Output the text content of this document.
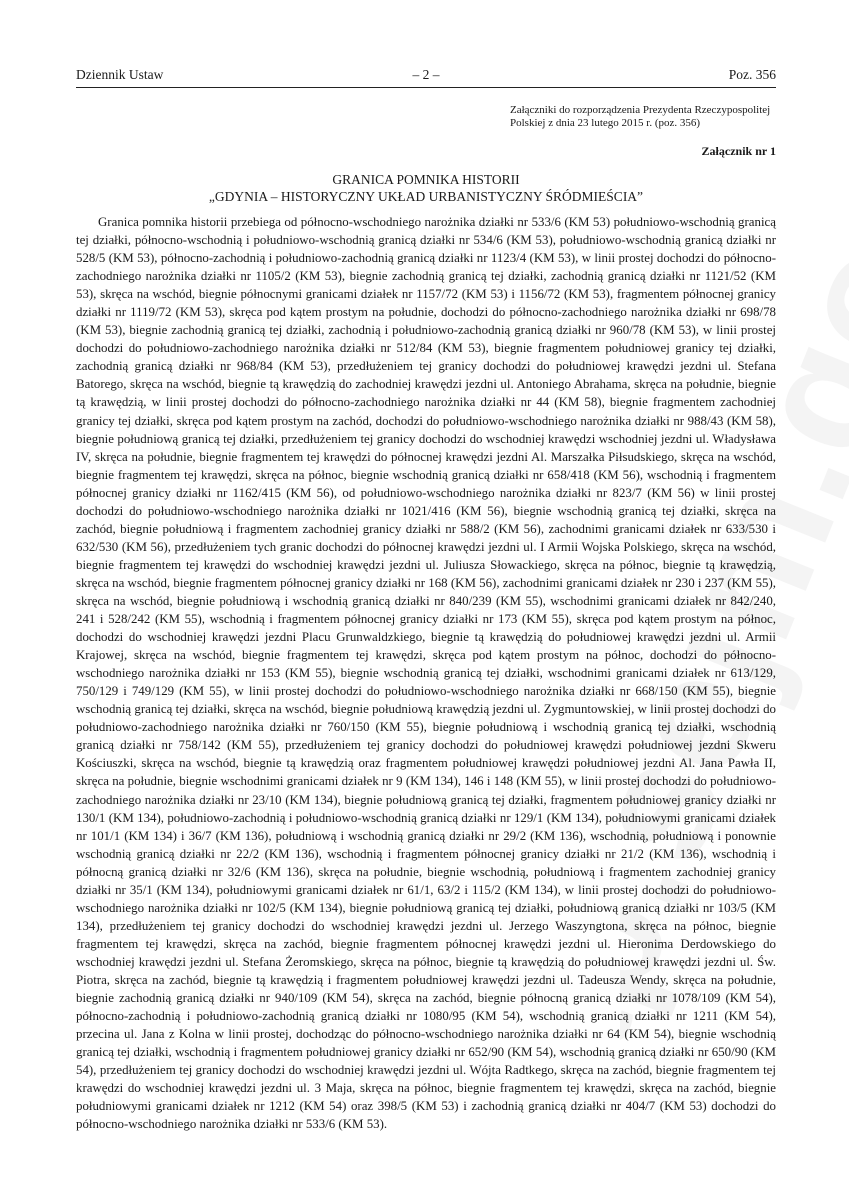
Dziennik Ustaw	– 2 –	Poz. 356
Załączniki do rozporządzenia Prezydenta Rzeczypospolitej Polskiej z dnia 23 lutego 2015 r. (poz. 356)
Załącznik nr 1
GRANICA POMNIKA HISTORII
„GDYNIA – HISTORYCZNY UKŁAD URBANISTYCZNY ŚRÓDMIEŚCIA”

Granica pomnika historii przebiega od północno-wschodniego narożnika działki nr 533/6 (KM 53) południowo-wschodnią granicą tej działki, północno-wschodnią i południowo-wschodnią granicą działki nr 534/6 (KM 53), południowo-wschodnią granicą działki nr 528/5 (KM 53), północno-zachodnią i południowo-zachodnią granicą działki nr 1123/4 (KM 53), w linii prostej dochodzi do północno-zachodniego narożnika działki nr 1105/2 (KM 53), biegnie zachodnią granicą tej działki, zachodnią granicą działki nr 1121/52 (KM 53), skręca na wschód, biegnie północnymi granicami działek nr 1157/72 (KM 53) i 1156/72 (KM 53), fragmentem północnej granicy działki nr 1119/72 (KM 53), skręca pod kątem prostym na południe, dochodzi do północno-zachodniego narożnika działki nr 698/78 (KM 53), biegnie zachodnią granicą tej działki, zachodnią i południowo-zachodnią granicą działki nr 960/78 (KM 53), w linii prostej dochodzi do południowo-zachodniego narożnika działki nr 512/84 (KM 53), biegnie fragmentem południowej granicy tej działki, zachodnią granicą działki nr 968/84 (KM 53), przedłużeniem tej granicy dochodzi do południowej krawędzi jezdni ul. Stefana Batorego, skręca na wschód, biegnie tą krawędzią do zachodniej krawędzi jezdni ul. Antoniego Abrahama, skręca na południe, biegnie tą krawędzią, w linii prostej dochodzi do północno-zachodniego narożnika działki nr 44 (KM 58), biegnie fragmentem zachodniej granicy tej działki, skręca pod kątem prostym na zachód, dochodzi do południowo-wschodniego narożnika działki nr 988/43 (KM 58), biegnie południową granicą tej działki, przedłużeniem tej granicy dochodzi do wschodniej krawędzi wschodniej jezdni ul. Władysława IV, skręca na południe, biegnie fragmentem tej krawędzi do północnej krawędzi jezdni Al. Marszałka Piłsudskiego, skręca na wschód, biegnie fragmentem tej krawędzi, skręca na północ, biegnie wschodnią granicą działki nr 658/418 (KM 56), wschodnią i fragmentem północnej granicy działki nr 1162/415 (KM 56), od południowo-wschodniego narożnika działki nr 823/7 (KM 56) w linii prostej dochodzi do południowo-wschodniego narożnika działki nr 1021/416 (KM 56), biegnie wschodnią granicą tej działki, skręca na zachód, biegnie południową i fragmentem zachodniej granicy działki nr 588/2 (KM 56), zachodnimi granicami działek nr 633/530 i 632/530 (KM 56), przedłużeniem tych granic dochodzi do północnej krawędzi jezdni ul. I Armii Wojska Polskiego, skręca na wschód, biegnie fragmentem tej krawędzi do wschodniej krawędzi jezdni ul. Juliusza Słowackiego, skręca na północ, biegnie tą krawędzią, skręca na wschód, biegnie fragmentem północnej granicy działki nr 168 (KM 56), zachodnimi granicami działek nr 230 i 237 (KM 55), skręca na wschód, biegnie południową i wschodnią granicą działki nr 840/239 (KM 55), wschodnimi granicami działek nr 842/240, 241 i 528/242 (KM 55), wschodnią i fragmentem północnej granicy działki nr 173 (KM 55), skręca pod kątem prostym na północ, dochodzi do wschodniej krawędzi jezdni Placu Grunwaldzkiego, biegnie tą krawędzią do południowej krawędzi jezdni ul. Armii Krajowej, skręca na wschód, biegnie fragmentem tej krawędzi, skręca pod kątem prostym na północ, dochodzi do północno-wschodniego narożnika działki nr 153 (KM 55), biegnie wschodnią granicą tej działki, wschodnimi granicami działek nr 613/129, 750/129 i 749/129 (KM 55), w linii prostej dochodzi do południowo-wschodniego narożnika działki nr 668/150 (KM 55), biegnie wschodnią granicą tej działki, skręca na wschód, biegnie południową krawędzią jezdni ul. Zygmuntowskiej, w linii prostej dochodzi do południowo-zachodniego narożnika działki nr 760/150 (KM 55), biegnie południową i wschodnią granicą tej działki, wschodnią granicą działki nr 758/142 (KM 55), przedłużeniem tej granicy dochodzi do południowej krawędzi południowej jezdni Skweru Kościuszki, skręca na wschód, biegnie tą krawędzią oraz fragmentem południowej krawędzi południowej jezdni Al. Jana Pawła II, skręca na południe, biegnie wschodnimi granicami działek nr 9 (KM 134), 146 i 148 (KM 55), w linii prostej dochodzi do południowo-zachodniego narożnika działki nr 23/10 (KM 134), biegnie południową granicą tej działki, fragmentem południowej granicy działki nr 130/1 (KM 134), południowo-zachodnią i południowo-wschodnią granicą działki nr 129/1 (KM 134), południowymi granicami działek nr 101/1 (KM 134) i 36/7 (KM 136), południową i wschodnią granicą działki nr 29/2 (KM 136), wschodnią, południową i ponownie wschodnią granicą działki nr 22/2 (KM 136), wschodnią i fragmentem północnej granicy działki nr 21/2 (KM 136), wschodnią i północną granicą działki nr 32/6 (KM 136), skręca na południe, biegnie wschodnią, południową i fragmentem zachodniej granicy działki nr 35/1 (KM 134), południowymi granicami działek nr 61/1, 63/2 i 115/2 (KM 134), w linii prostej dochodzi do południowo-wschodniego narożnika działki nr 102/5 (KM 134), biegnie południową granicą tej działki, południową granicą działki nr 103/5 (KM 134), przedłużeniem tej granicy dochodzi do wschodniej krawędzi jezdni ul. Jerzego Waszyngtona, skręca na północ, biegnie fragmentem tej krawędzi, skręca na zachód, biegnie fragmentem północnej krawędzi jezdni ul. Hieronima Derdowskiego do wschodniej krawędzi jezdni ul. Stefana Żeromskiego, skręca na północ, biegnie tą krawędzią do południowej krawędzi jezdni ul. Św. Piotra, skręca na zachód, biegnie tą krawędzią i fragmentem południowej krawędzi jezdni ul. Tadeusza Wendy, skręca na południe, biegnie zachodnią granicą działki nr 940/109 (KM 54), skręca na zachód, biegnie północną granicą działki nr 1078/109 (KM 54), północno-zachodnią i południowo-zachodnią granicą działki nr 1080/95 (KM 54), wschodnią granicą działki nr 1211 (KM 54), przecina ul. Jana z Kolna w linii prostej, dochodząc do północno-wschodniego narożnika działki nr 64 (KM 54), biegnie wschodnią granicą tej działki, wschodnią i fragmentem południowej granicy działki nr 652/90 (KM 54), wschodnią granicą działki nr 650/90 (KM 54), przedłużeniem tej granicy dochodzi do wschodniej krawędzi jezdni ul. Wójta Radtkego, skręca na zachód, biegnie fragmentem tej krawędzi do wschodniej krawędzi jezdni ul. 3 Maja, skręca na północ, biegnie fragmentem tej krawędzi, skręca na zachód, biegnie południowymi granicami działek nr 1212 (KM 54) oraz 398/5 (KM 53) i zachodnią granicą działki nr 404/7 (KM 53) dochodzi do północno-wschodniego narożnika działki nr 533/6 (KM 53).
